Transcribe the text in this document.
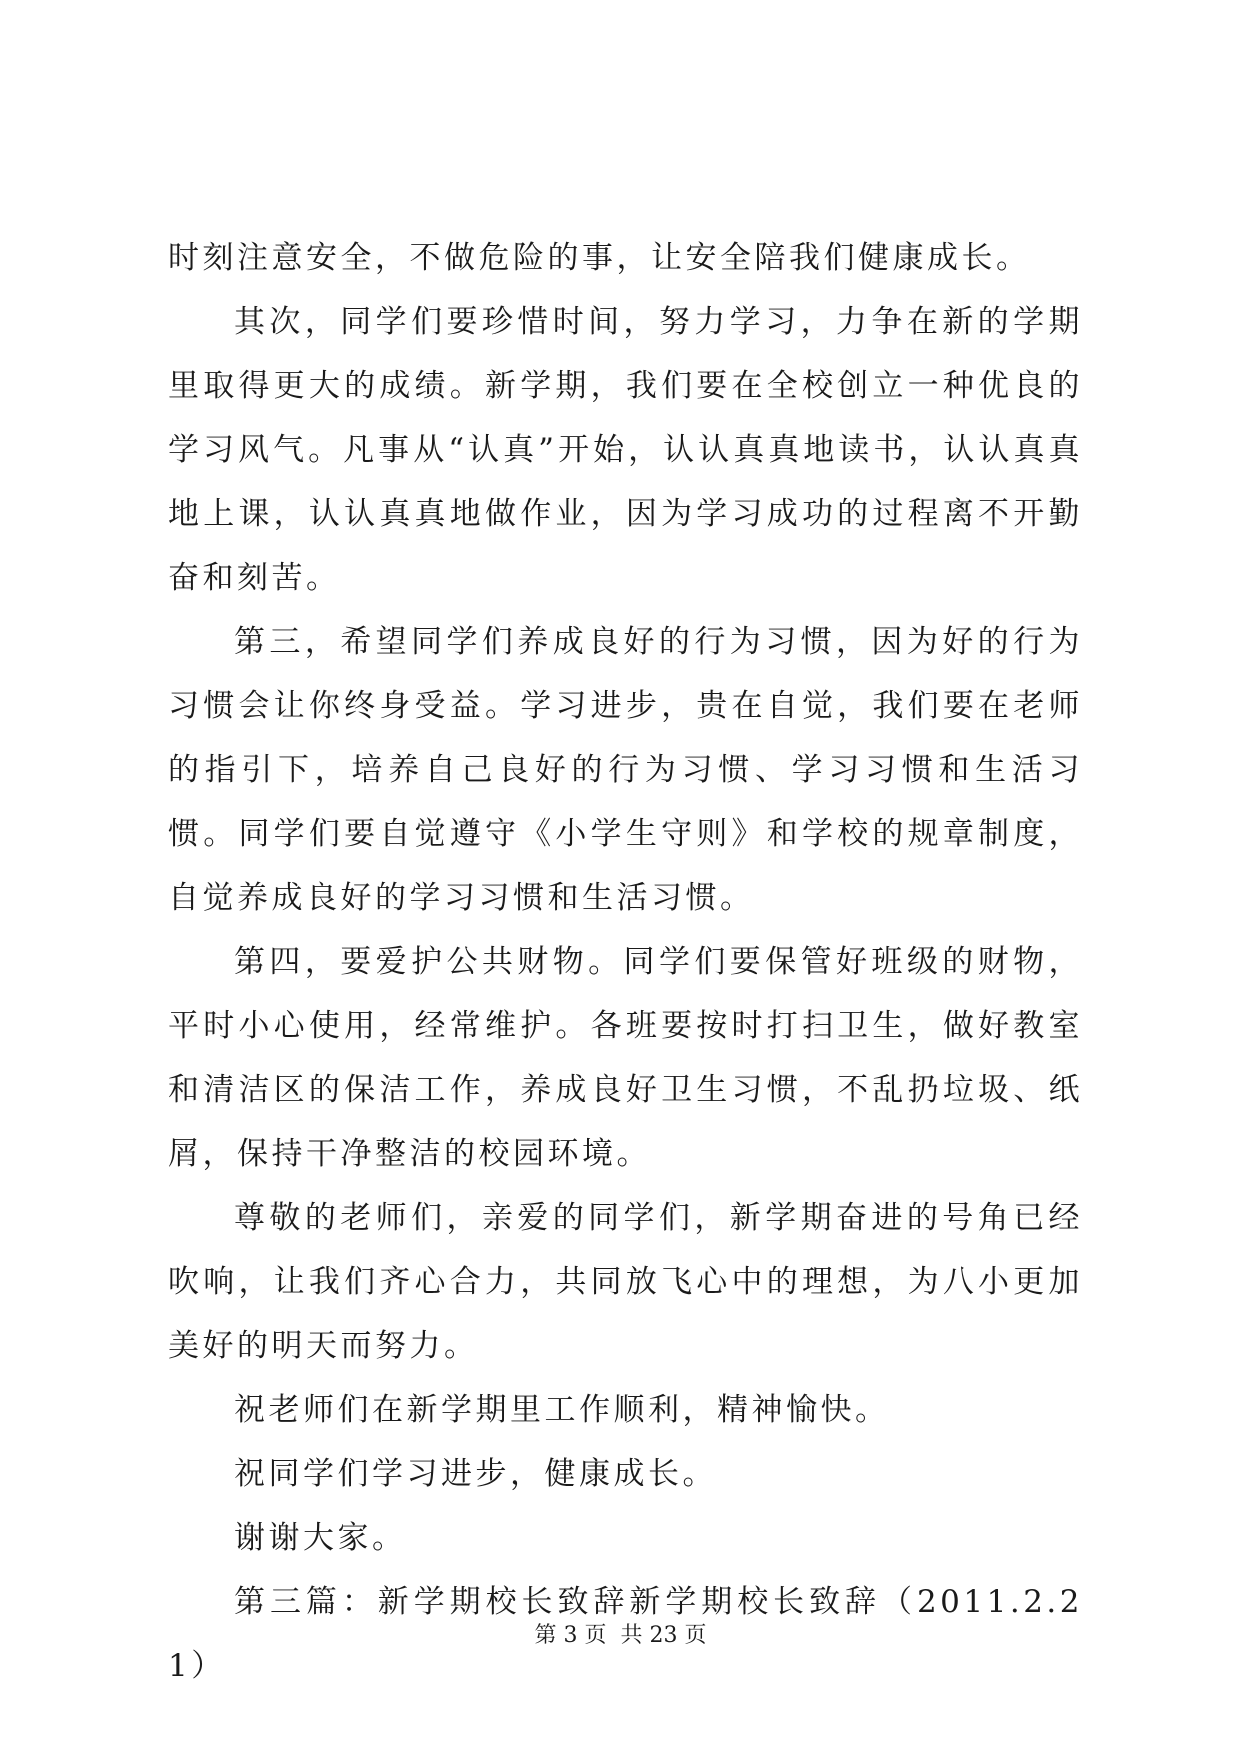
时刻注意安全，不做危险的事，让安全陪我们健康成长。

其次，同学们要珍惜时间，努力学习，力争在新的学期里取得更大的成绩。新学期，我们要在全校创立一种优良的学习风气。凡事从“认真”开始，认认真真地读书，认认真真地上课，认认真真地做作业，因为学习成功的过程离不开勤奋和刻苦。

第三，希望同学们养成良好的行为习惯，因为好的行为习惯会让你终身受益。学习进步，贵在自觉，我们要在老师的指引下，培养自己良好的行为习惯、学习习惯和生活习惯。同学们要自觉遵守《小学生守则》和学校的规章制度，自觉养成良好的学习习惯和生活习惯。

第四，要爱护公共财物。同学们要保管好班级的财物，平时小心使用，经常维护。各班要按时打扫卫生，做好教室和清洁区的保洁工作，养成良好卫生习惯，不乱扔垃圾、纸屑，保持干净整洁的校园环境。

尊敬的老师们，亲爱的同学们，新学期奋进的号角已经吹响，让我们齐心合力，共同放飞心中的理想，为八小更加美好的明天而努力。

祝老师们在新学期里工作顺利，精神愉快。

祝同学们学习进步，健康成长。

谢谢大家。

第三篇：新学期校长致辞新学期校长致辞（2011.2.21）

第 3 页  共 23 页
